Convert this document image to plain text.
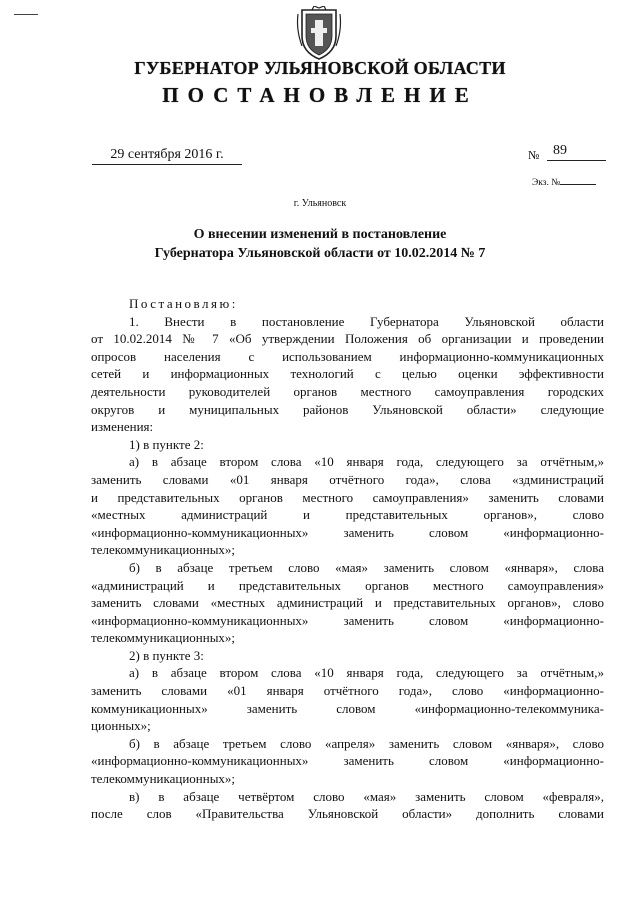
ГУБЕРНАТОР УЛЬЯНОВСКОЙ ОБЛАСТИ
ПОСТАНОВЛЕНИЕ
29 сентября 2016 г.	№ 89
Экз. №
г. Ульяновск
О внесении изменений в постановление
Губернатора Ульяновской области от 10.02.2014 № 7

Постановляю:

1. Внести в постановление Губернатора Ульяновской области

от 10.02.2014 № 7 «Об утверждении Положения об организации и проведении

опросов населения с использованием информационно-коммуникационных

сетей и информационных технологий с целью оценки эффективности

деятельности руководителей органов местного самоуправления городских

округов и муниципальных районов Ульяновской области» следующие

изменения:

1) в пункте 2:

а) в абзаце втором слова «10 января года, следующего за отчётным,»

заменить словами «01 января отчётного года», слова «здминистраций

и представительных органов местного самоуправления» заменить словами

«местных администраций и представительных органов», слово

«информационно-коммуникационных» заменить словом «информационно-

телекоммуникационных»;

б) в абзаце третьем слово «мая» заменить словом «января», слова

«администраций и представительных органов местного самоуправления»

заменить словами «местных администраций и представительных органов», слово

«информационно-коммуникационных» заменить словом «информационно-

телекоммуникационных»;

2) в пункте 3:

а) в абзаце втором слова «10 января года, следующего за отчётным,»

заменить словами «01 января отчётного года», слово «информационно-

коммуникационных» заменить словом «информационно-телекоммуника-

ционных»;

б) в абзаце третьем слово «апреля» заменить словом «января», слово

«информационно-коммуникационных» заменить словом «информационно-

телекоммуникационных»;

в) в абзаце четвёртом слово «мая» заменить словом «февраля»,

после слов «Правительства Ульяновской области» дополнить словами
